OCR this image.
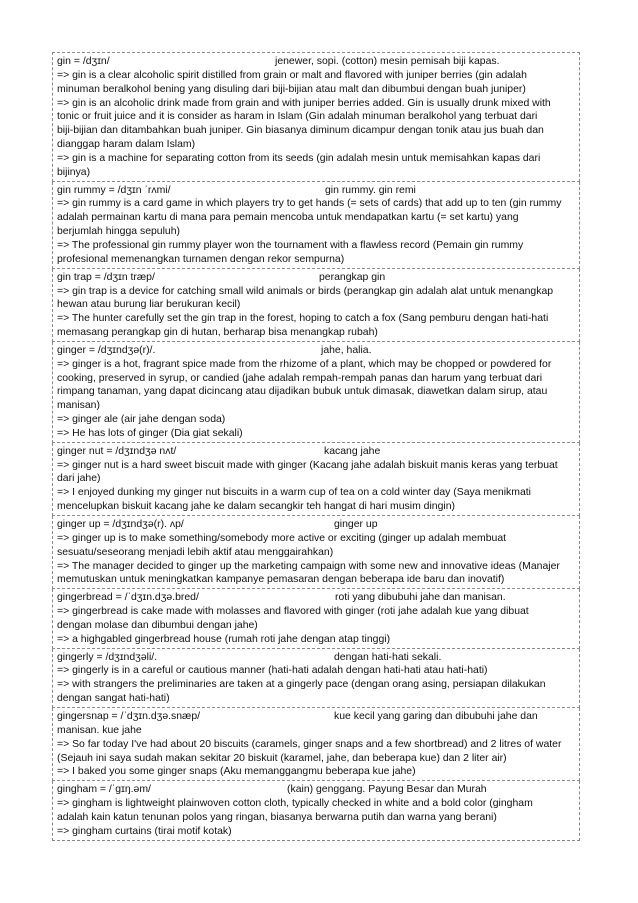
gin = /dʒɪn/	jenewer, sopi. (cotton) mesin pemisah biji kapas.
=> gin is a clear alcoholic spirit distilled from grain or malt and flavored with juniper berries (gin adalah
minuman beralkohol bening yang disuling dari biji-bijian atau malt dan dibumbui dengan buah juniper)
=> gin is an alcoholic drink made from grain and with juniper berries added. Gin is usually drunk mixed with
tonic or fruit juice and it is consider as haram in Islam (Gin adalah minuman beralkohol yang terbuat dari
biji-bijian dan ditambahkan buah juniper. Gin biasanya diminum dicampur dengan tonik atau jus buah dan
dianggap haram dalam Islam)
=> gin is a machine for separating cotton from its seeds (gin adalah mesin untuk memisahkan kapas dari
bijinya)
gin rummy = /dʒɪn ˈrʌmi/	gin rummy. gin remi
=> gin rummy is a card game in which players try to get hands (= sets of cards) that add up to ten (gin rummy
adalah permainan kartu di mana para pemain mencoba untuk mendapatkan kartu (= set kartu) yang
berjumlah hingga sepuluh)
=> The professional gin rummy player won the tournament with a flawless record (Pemain gin rummy
profesional memenangkan turnamen dengan rekor sempurna)
gin trap = /dʒɪn træp/	perangkap gin
=> gin trap is a device for catching small wild animals or birds (perangkap gin adalah alat untuk menangkap
hewan atau burung liar berukuran kecil)
=> The hunter carefully set the gin trap in the forest, hoping to catch a fox (Sang pemburu dengan hati-hati
memasang perangkap gin di hutan, berharap bisa menangkap rubah)
ginger = /dʒɪndʒə(r)/.	jahe, halia.
=> ginger is a hot, fragrant spice made from the rhizome of a plant, which may be chopped or powdered for
cooking, preserved in syrup, or candied (jahe adalah rempah-rempah panas dan harum yang terbuat dari
rimpang tanaman, yang dapat dicincang atau dijadikan bubuk untuk dimasak, diawetkan dalam sirup, atau
manisan)
=> ginger ale (air jahe dengan soda)
=> He has lots of ginger (Dia giat sekali)
ginger nut = /dʒɪndʒə nʌt/	kacang jahe
=> ginger nut is a hard sweet biscuit made with ginger (Kacang jahe adalah biskuit manis keras yang terbuat
dari jahe)
=> I enjoyed dunking my ginger nut biscuits in a warm cup of tea on a cold winter day (Saya menikmati
mencelupkan biskuit kacang jahe ke dalam secangkir teh hangat di hari musim dingin)
ginger up = /dʒɪndʒə(r). ʌp/	ginger up
=> ginger up is to make something/somebody more active or exciting (ginger up adalah membuat
sesuatu/seseorang menjadi lebih aktif atau menggairahkan)
=> The manager decided to ginger up the marketing campaign with some new and innovative ideas (Manajer
memutuskan untuk meningkatkan kampanye pemasaran dengan beberapa ide baru dan inovatif)
gingerbread = /ˈdʒɪn.dʒə.bred/	roti yang dibubuhi jahe dan manisan.
=> gingerbread is cake made with molasses and flavored with ginger (roti jahe adalah kue yang dibuat
dengan molase dan dibumbui dengan jahe)
=> a highgabled gingerbread house (rumah roti jahe dengan atap tinggi)
gingerly = /dʒɪndʒəli/.	dengan hati-hati sekali.
=> gingerly is in a careful or cautious manner (hati-hati adalah dengan hati-hati atau hati-hati)
=> with strangers the preliminaries are taken at a gingerly pace (dengan orang asing, persiapan dilakukan
dengan sangat hati-hati)
gingersnap = /ˈdʒɪn.dʒə.snæp/	kue kecil yang garing dan dibubuhi jahe dan
manisan. kue jahe
=> So far today I've had about 20 biscuits (caramels, ginger snaps and a few shortbread) and 2 litres of water
(Sejauh ini saya sudah makan sekitar 20 biskuit (karamel, jahe, dan beberapa kue) dan 2 liter air)
=> I baked you some ginger snaps (Aku memanggangmu beberapa kue jahe)
gingham = /ˈɡɪŋ.əm/	(kain) genggang. Payung Besar dan Murah
=> gingham is lightweight plainwoven cotton cloth, typically checked in white and a bold color (gingham
adalah kain katun tenunan polos yang ringan, biasanya berwarna putih dan warna yang berani)
=> gingham curtains (tirai motif kotak)
